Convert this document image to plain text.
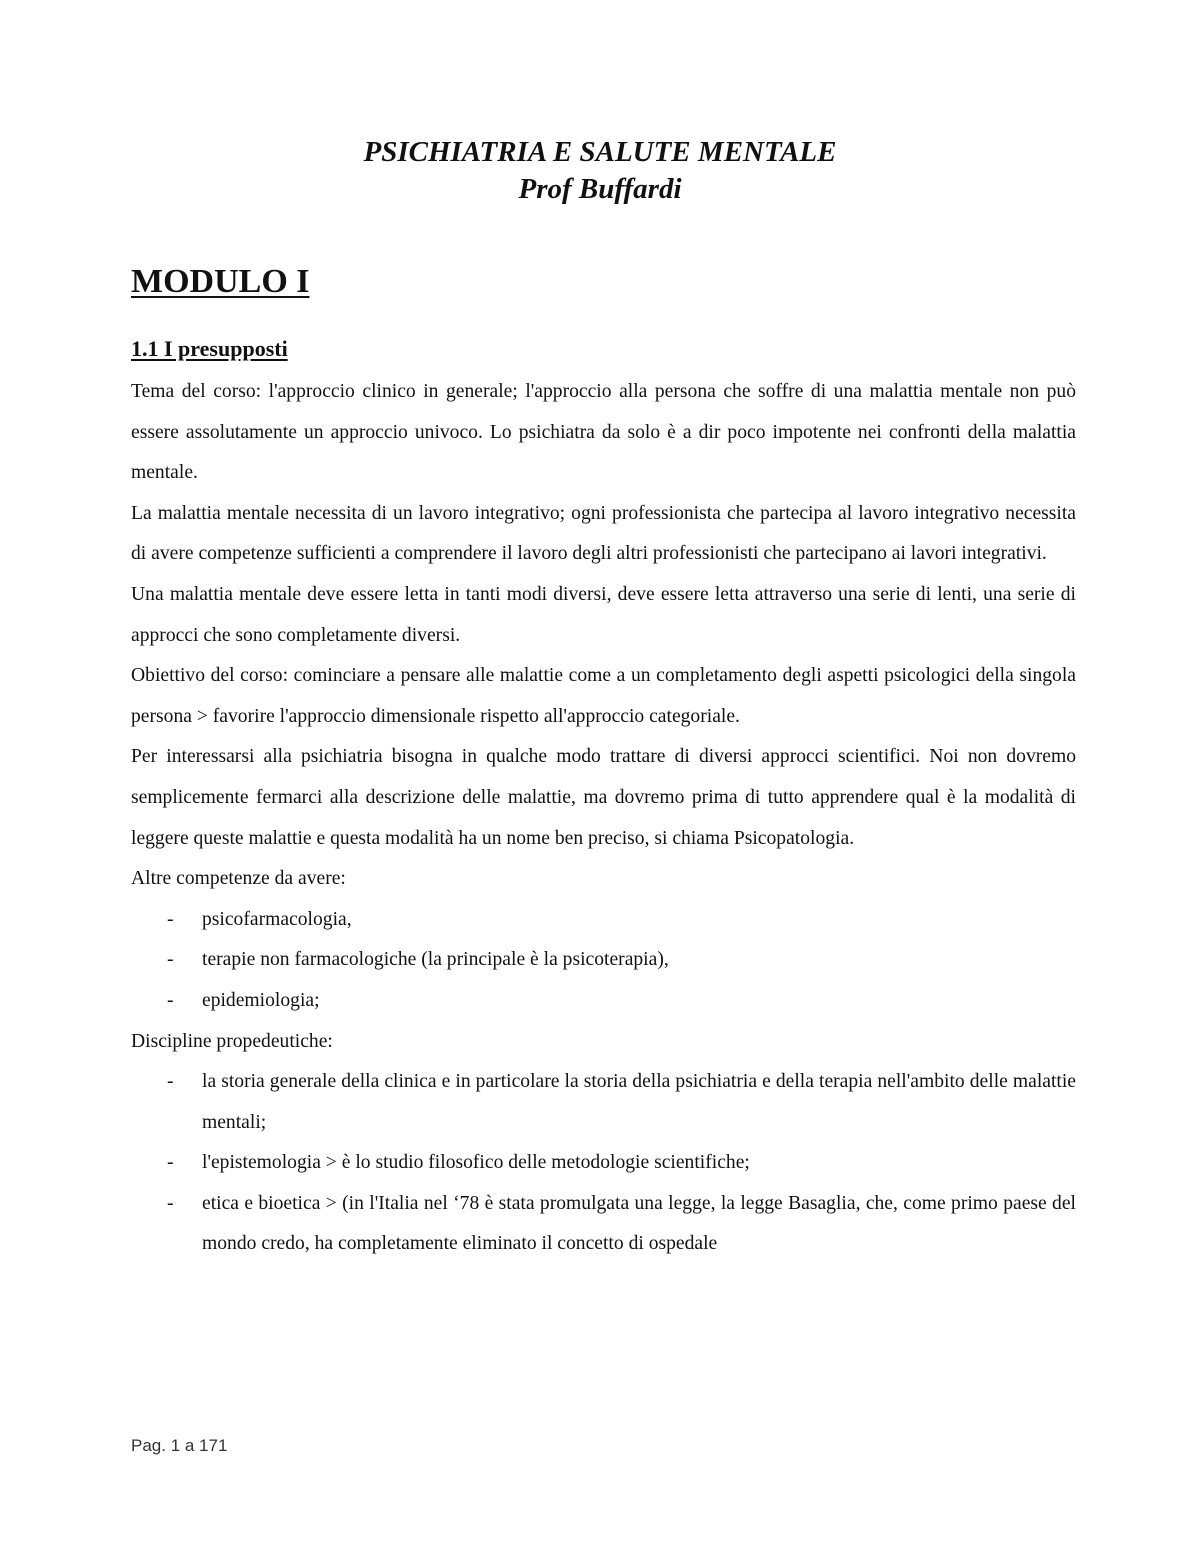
PSICHIATRIA E SALUTE MENTALE
Prof Buffardi
MODULO I
1.1 I presupposti

Tema del corso: l'approccio clinico in generale; l'approccio alla persona che soffre di una malattia mentale non può essere assolutamente un approccio univoco. Lo psichiatra da solo è a dir poco impotente nei confronti della malattia mentale.

La malattia mentale necessita di un lavoro integrativo; ogni professionista che partecipa al lavoro integrativo necessita di avere competenze sufficienti a comprendere il lavoro degli altri professionisti che partecipano ai lavori integrativi.

Una malattia mentale deve essere letta in tanti modi diversi, deve essere letta attraverso una serie di lenti, una serie di approcci che sono completamente diversi.

Obiettivo del corso: cominciare a pensare alle malattie come a un completamento degli aspetti psicologici della singola persona > favorire l'approccio dimensionale rispetto all'approccio categoriale.

Per interessarsi alla psichiatria bisogna in qualche modo trattare di diversi approcci scientifici. Noi non dovremo semplicemente fermarci alla descrizione delle malattie, ma dovremo prima di tutto apprendere qual è la modalità di leggere queste malattie e questa modalità ha un nome ben preciso, si chiama Psicopatologia.

Altre competenze da avere:

- psicofarmacologia,
- terapie non farmacologiche (la principale è la psicoterapia),
- epidemiologia;

Discipline propedeutiche:

- la storia generale della clinica e in particolare la storia della psichiatria e della terapia nell'ambito delle malattie mentali;
- l'epistemologia > è lo studio filosofico delle metodologie scientifiche;
- etica e bioetica > (in l'Italia nel ‘78 è stata promulgata una legge, la legge Basaglia, che, come primo paese del mondo credo, ha completamente eliminato il concetto di ospedale
Pag. 1 a 171
